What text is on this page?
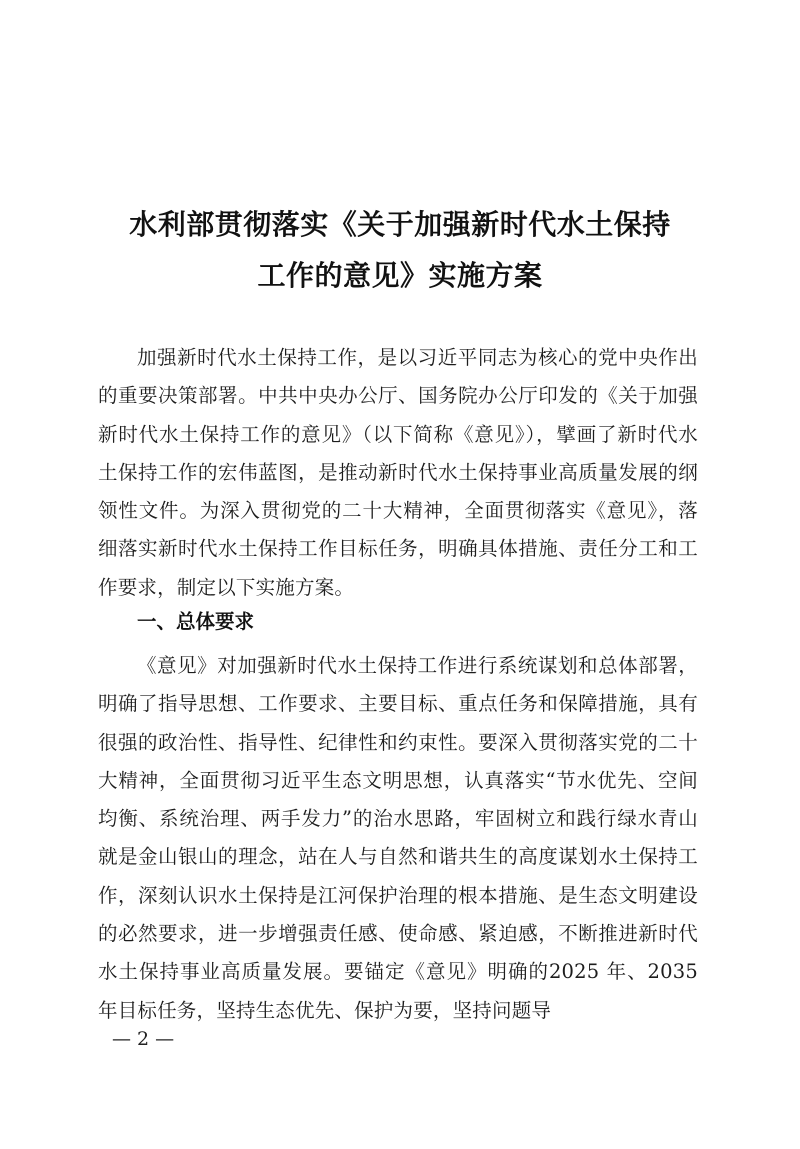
水利部贯彻落实《关于加强新时代水土保持
工作的意见》实施方案
加强新时代水土保持工作，是以习近平同志为核心的党中央作出的重要决策部署。中共中央办公厅、国务院办公厅印发的《关于加强新时代水土保持工作的意见》（以下简称《意见》），擘画了新时代水土保持工作的宏伟蓝图，是推动新时代水土保持事业高质量发展的纲领性文件。为深入贯彻党的二十大精神，全面贯彻落实《意见》，落细落实新时代水土保持工作目标任务，明确具体措施、责任分工和工作要求，制定以下实施方案。
一、总体要求
《意见》对加强新时代水土保持工作进行系统谋划和总体部署，明确了指导思想、工作要求、主要目标、重点任务和保障措施，具有很强的政治性、指导性、纪律性和约束性。要深入贯彻落实党的二十大精神，全面贯彻习近平生态文明思想，认真落实“节水优先、空间均衡、系统治理、两手发力”的治水思路，牢固树立和践行绿水青山就是金山银山的理念，站在人与自然和谐共生的高度谋划水土保持工作，深刻认识水土保持是江河保护治理的根本措施、是生态文明建设的必然要求，进一步增强责任感、使命感、紧迫感，不断推进新时代水土保持事业高质量发展。要锚定《意见》明确的2025 年、2035 年目标任务，坚持生态优先、保护为要，坚持问题导
— 2 —
